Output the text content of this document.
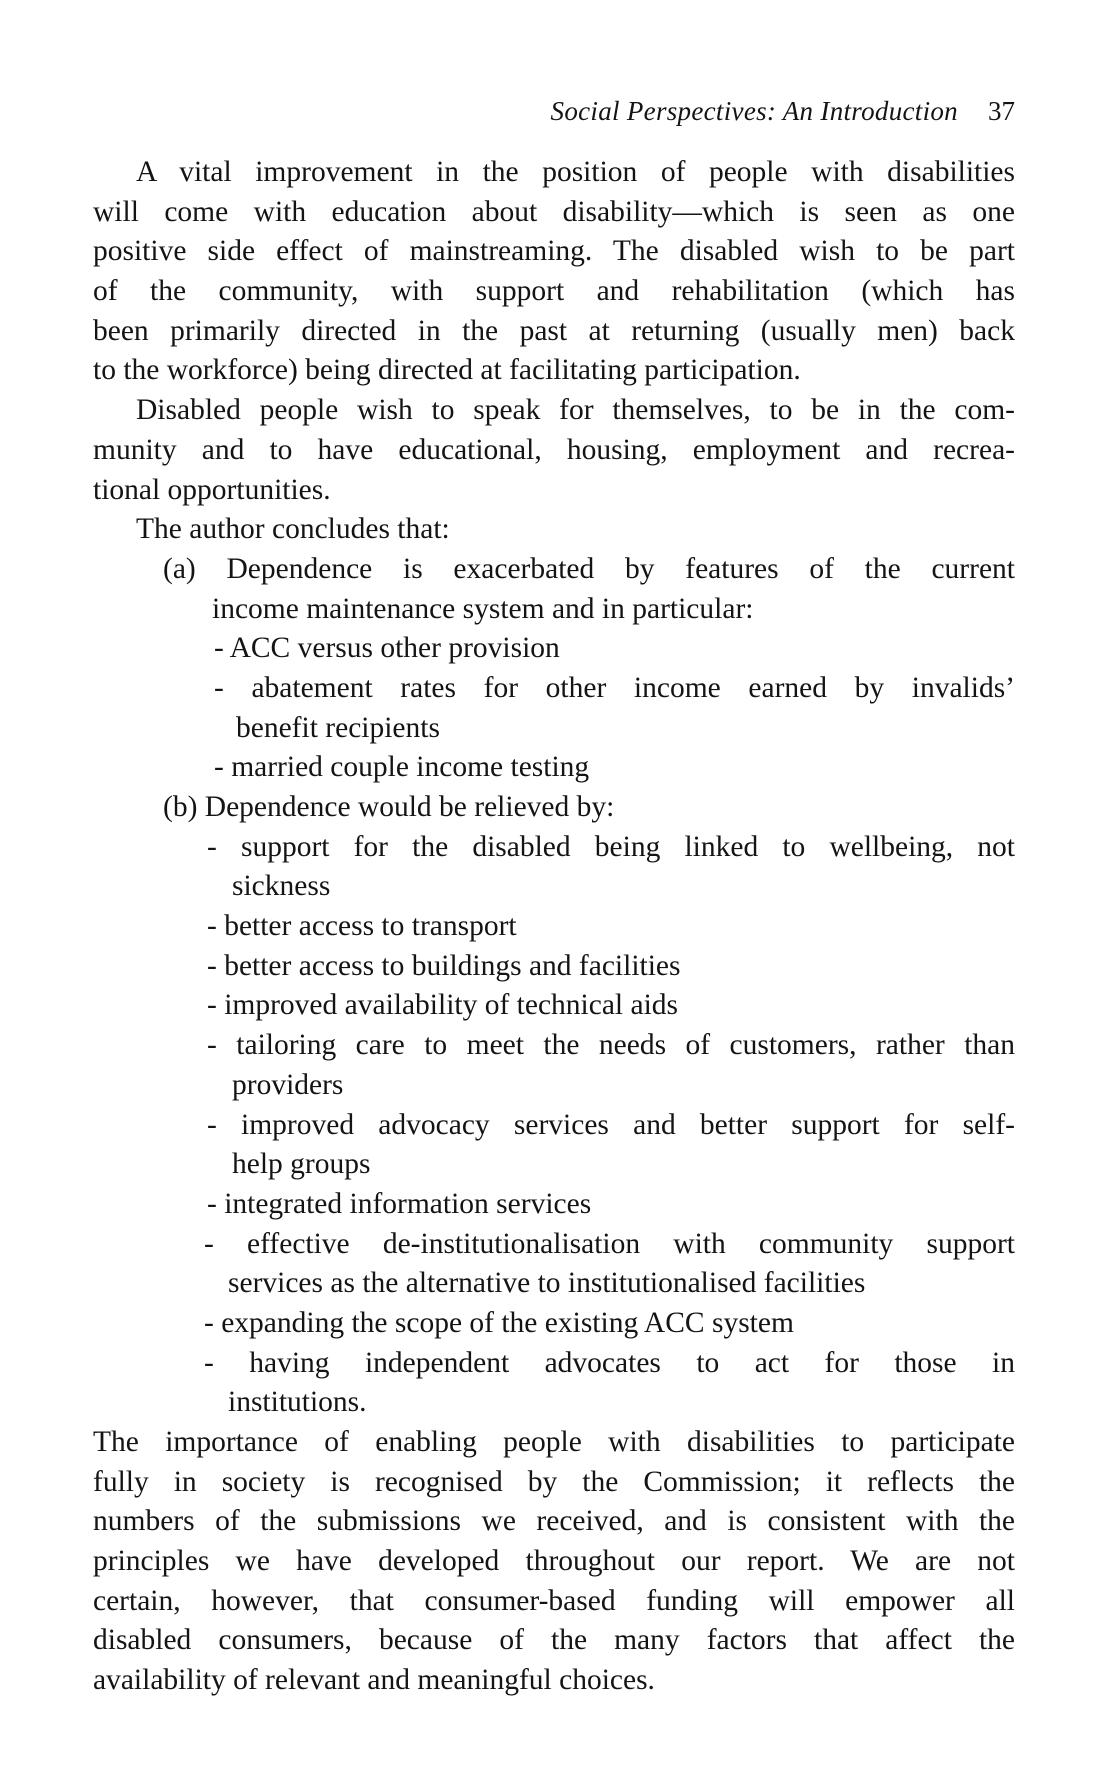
Social Perspectives: An Introduction 37
A vital improvement in the position of people with disabilities
will come with education about disability—which is seen as one
positive side effect of mainstreaming. The disabled wish to be part
of the community, with support and rehabilitation (which has
been primarily directed in the past at returning (usually men) back
to the workforce) being directed at facilitating participation.
Disabled people wish to speak for themselves, to be in the com-
munity and to have educational, housing, employment and recrea-
tional opportunities.
The author concludes that:
(a) Dependence is exacerbated by features of the current
income maintenance system and in particular:
- ACC versus other provision
- abatement rates for other income earned by invalids’
benefit recipients
- married couple income testing
(b) Dependence would be relieved by:
- support for the disabled being linked to wellbeing, not
sickness
- better access to transport
- better access to buildings and facilities
- improved availability of technical aids
- tailoring care to meet the needs of customers, rather than
providers
- improved advocacy services and better support for self-
help groups
- integrated information services
- effective de-institutionalisation with community support
services as the alternative to institutionalised facilities
- expanding the scope of the existing ACC system
- having independent advocates to act for those in
institutions.
The importance of enabling people with disabilities to participate
fully in society is recognised by the Commission; it reflects the
numbers of the submissions we received, and is consistent with the
principles we have developed throughout our report. We are not
certain, however, that consumer-based funding will empower all
disabled consumers, because of the many factors that affect the
availability of relevant and meaningful choices.
